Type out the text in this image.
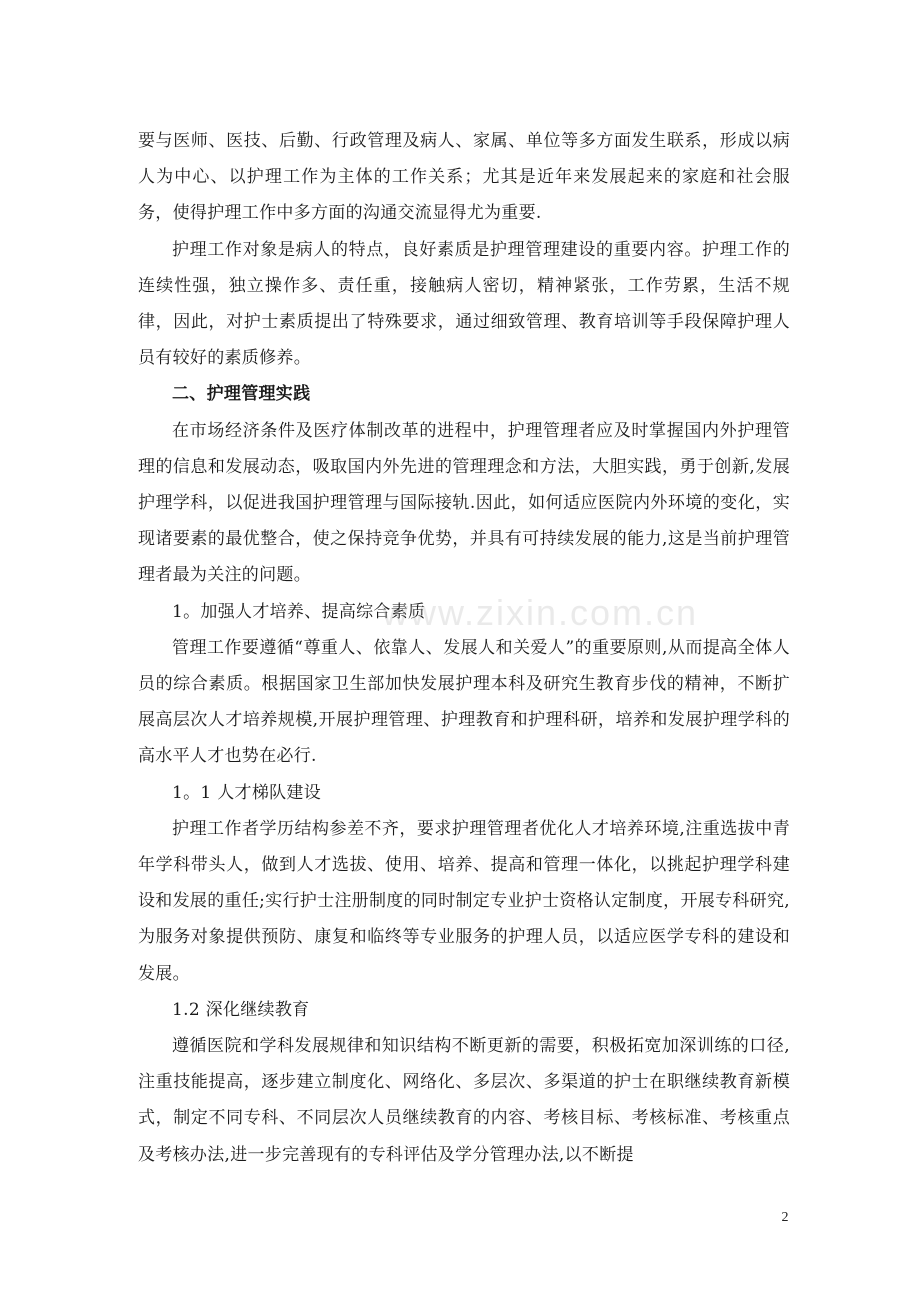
要与医师、医技、后勤、行政管理及病人、家属、单位等多方面发生联系，形成以病人为中心、以护理工作为主体的工作关系；尤其是近年来发展起来的家庭和社会服务，使得护理工作中多方面的沟通交流显得尤为重要.

护理工作对象是病人的特点，良好素质是护理管理建设的重要内容。护理工作的连续性强，独立操作多、责任重，接触病人密切，精神紧张，工作劳累，生活不规律，因此，对护士素质提出了特殊要求，通过细致管理、教育培训等手段保障护理人员有较好的素质修养。

二、护理管理实践

在市场经济条件及医疗体制改革的进程中，护理管理者应及时掌握国内外护理管理的信息和发展动态，吸取国内外先进的管理理念和方法，大胆实践，勇于创新,发展护理学科，以促进我国护理管理与国际接轨.因此，如何适应医院内外环境的变化，实现诸要素的最优整合，使之保持竞争优势，并具有可持续发展的能力,这是当前护理管理者最为关注的问题。

1。加强人才培养、提高综合素质

管理工作要遵循“尊重人、依靠人、发展人和关爱人”的重要原则,从而提高全体人员的综合素质。根据国家卫生部加快发展护理本科及研究生教育步伐的精神，不断扩展高层次人才培养规模,开展护理管理、护理教育和护理科研，培养和发展护理学科的高水平人才也势在必行.

1。1 人才梯队建设

护理工作者学历结构参差不齐，要求护理管理者优化人才培养环境,注重选拔中青年学科带头人，做到人才选拔、使用、培养、提高和管理一体化，以挑起护理学科建设和发展的重任;实行护士注册制度的同时制定专业护士资格认定制度，开展专科研究,为服务对象提供预防、康复和临终等专业服务的护理人员，以适应医学专科的建设和发展。

1.2 深化继续教育

遵循医院和学科发展规律和知识结构不断更新的需要，积极拓宽加深训练的口径,注重技能提高，逐步建立制度化、网络化、多层次、多渠道的护士在职继续教育新模式，制定不同专科、不同层次人员继续教育的内容、考核目标、考核标准、考核重点及考核办法,进一步完善现有的专科评估及学分管理办法,以不断提

www.zixin.com.cn
2
